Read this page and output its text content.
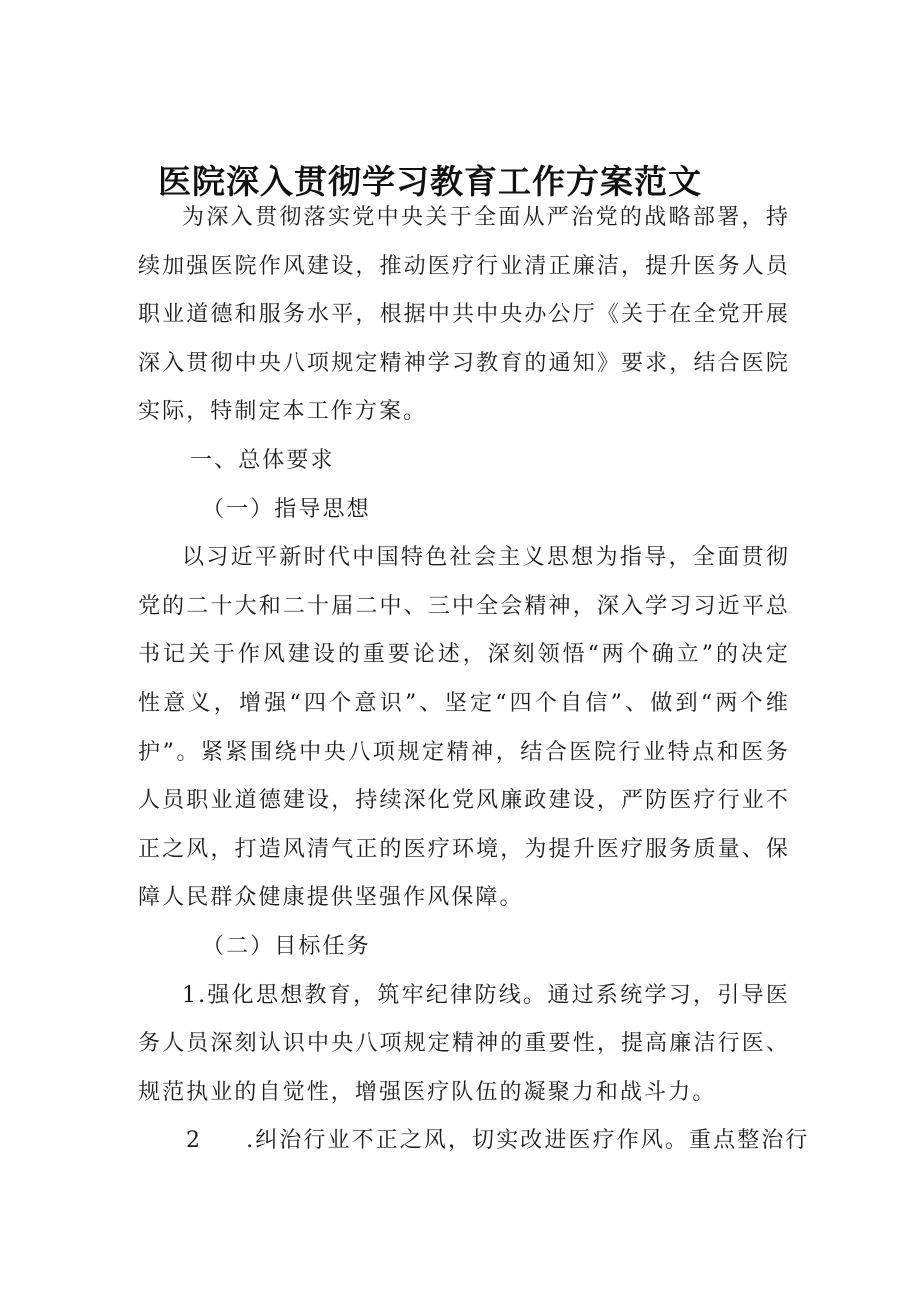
医院深入贯彻学习教育工作方案范文

为深入贯彻落实党中央关于全面从严治党的战略部署，持续加强医院作风建设，推动医疗行业清正廉洁，提升医务人员职业道德和服务水平，根据中共中央办公厅《关于在全党开展深入贯彻中央八项规定精神学习教育的通知》要求，结合医院实际，特制定本工作方案。

一、总体要求

（一）指导思想

以习近平新时代中国特色社会主义思想为指导，全面贯彻党的二十大和二十届二中、三中全会精神，深入学习习近平总书记关于作风建设的重要论述，深刻领悟“两个确立”的决定性意义，增强“四个意识”、坚定“四个自信”、做到“两个维护”。紧紧围绕中央八项规定精神，结合医院行业特点和医务人员职业道德建设，持续深化党风廉政建设，严防医疗行业不正之风，打造风清气正的医疗环境，为提升医疗服务质量、保障人民群众健康提供坚强作风保障。

（二）目标任务

1.强化思想教育，筑牢纪律防线。通过系统学习，引导医务人员深刻认识中央八项规定精神的重要性，提高廉洁行医、规范执业的自觉性，增强医疗队伍的凝聚力和战斗力。

2 .纠治行业不正之风，切实改进医疗作风。重点整治行
